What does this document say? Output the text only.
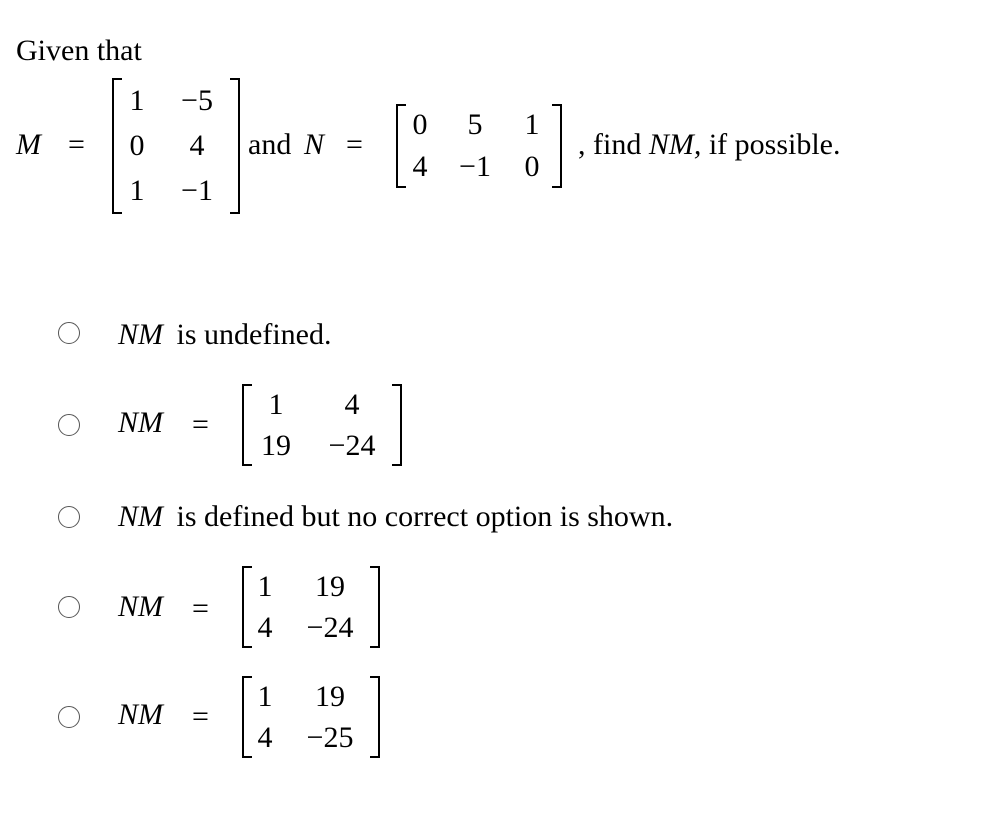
Given that
M =
1	−5
0	4
1	−1
and N =
0	5	1
4	−1	0
, find NM, if possible.
NM is undefined.
NM =
1	4
19	−24
NM is defined but no correct option is shown.
NM =
1	19
4	−24
NM =
1	19
4	−25
